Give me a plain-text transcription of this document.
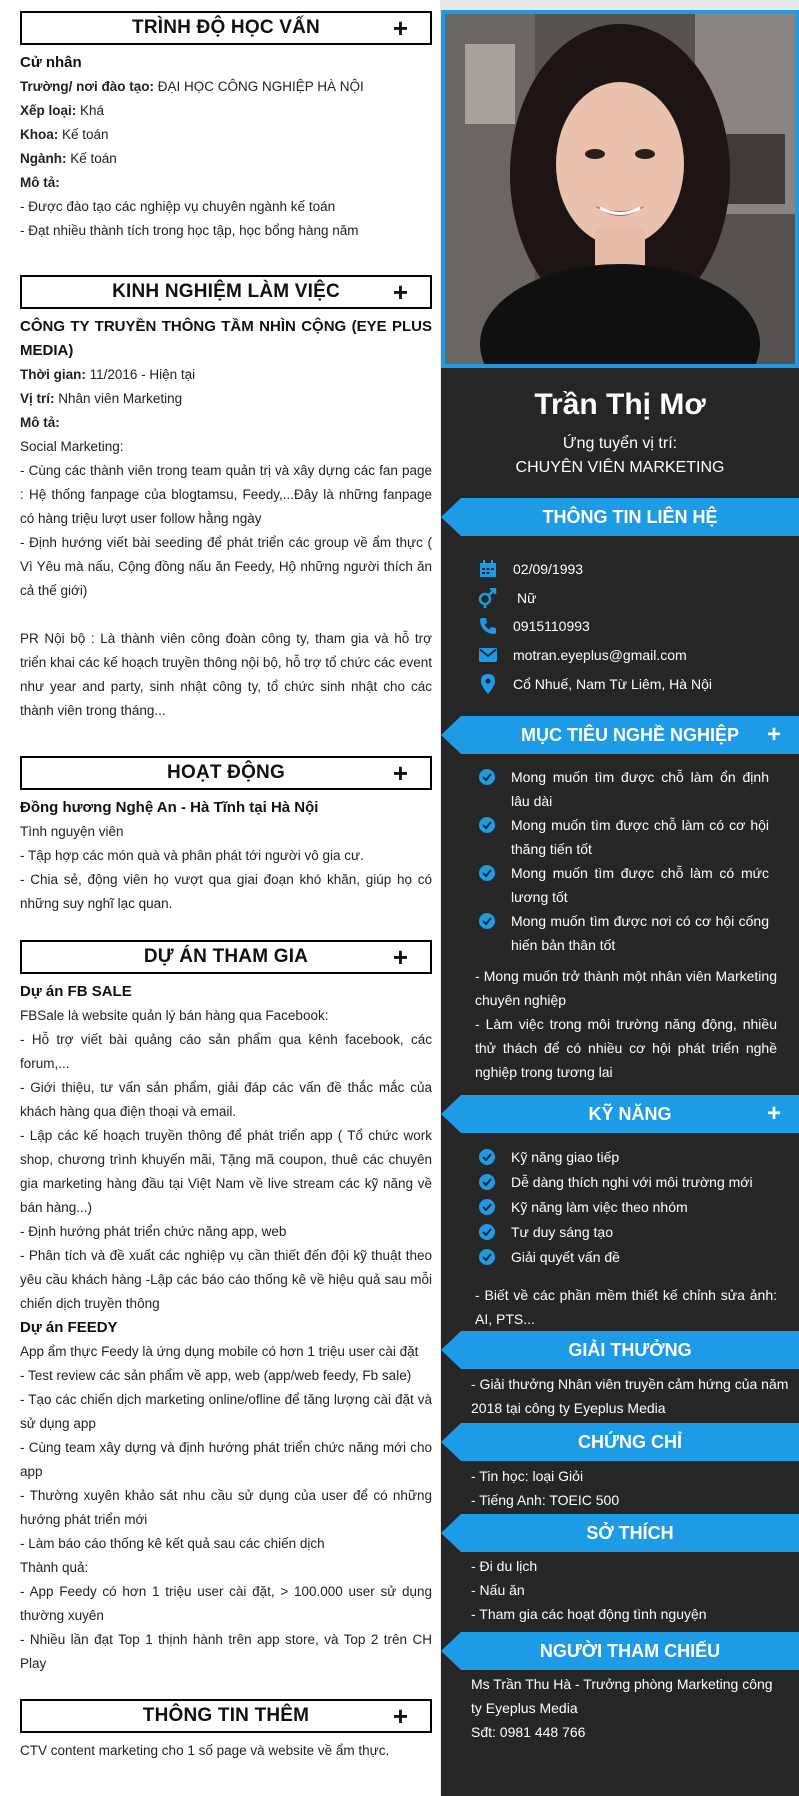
TRÌNH ĐỘ HỌC VẤN	+
Cử nhân
Trường/ nơi đào tạo: ĐẠI HỌC CÔNG NGHIỆP HÀ NỘI
Xếp loại: Khá
Khoa: Kế toán
Ngành: Kế toán
Mô tả:
- Được đào tạo các nghiệp vụ chuyên ngành kế toán
- Đạt nhiều thành tích trong học tập, học bổng hàng năm
KINH NGHIỆM LÀM VIỆC +
CÔNG TY TRUYỀN THÔNG TẦM NHÌN CỘNG (EYE PLUS MEDIA)
Thời gian: 11/2016 - Hiện tại
Vị trí: Nhân viên Marketing
Mô tả:
Social Marketing:
- Cùng các thành viên trong team quản trị và xây dựng các fan page : Hệ thống fanpage của blogtamsu, Feedy,...Đây là những fanpage có hàng triệu lượt user follow hằng ngày
- Định hướng viết bài seeding để phát triển các group về ẩm thực ( Vì Yêu mà nấu, Cộng đồng nấu ăn Feedy, Hộ những người thích ăn cả thế giới)
PR Nội bộ : Là thành viên công đoàn công ty, tham gia và hỗ trợ triển khai các kế hoạch truyền thông nội bộ, hỗ trợ tổ chức các event như year and party, sinh nhật công ty, tổ chức sinh nhật cho các thành viên trong tháng...
HOẠT ĐỘNG	+
Đồng hương Nghệ An - Hà Tĩnh tại Hà Nội
Tình nguyện viên
- Tập hợp các món quà và phân phát tới người vô gia cư.
- Chia sẻ, động viên họ vượt qua giai đoạn khó khăn, giúp họ có những suy nghĩ lạc quan.
DỰ ÁN THAM GIA	+
Dự án FB SALE
FBSale là website quản lý bán hàng qua Facebook:
- Hỗ trợ viết bài quảng cáo sản phẩm qua kênh facebook, các forum,...
- Giới thiệu, tư vấn sản phẩm, giải đáp các vấn đề thắc mắc của khách hàng qua điện thoại và email.
- Lập các kế hoạch truyền thông để phát triển app ( Tổ chức work shop, chương trình khuyến mãi, Tặng mã coupon, thuê các chuyên gia marketing hàng đầu tại Việt Nam về live stream các kỹ năng về bán hàng...)
- Định hướng phát triển chức năng app, web
- Phân tích và đề xuất các nghiệp vụ cần thiết đến đội kỹ thuật theo yêu cầu khách hàng -Lập các báo cáo thống kê về hiệu quả sau mỗi chiến dịch truyền thông
Dự án FEEDY
App ẩm thực Feedy là ứng dụng mobile có hơn 1 triệu user cài đặt
- Test review các sản phẩm về app, web (app/web feedy, Fb sale)
- Tạo các chiến dịch marketing online/ofline để tăng lượng cài đặt và sử dụng app
- Cùng team xây dựng và định hướng phát triển chức năng mới cho app
- Thường xuyên khảo sát nhu cầu sử dụng của user để có những hướng phát triển mới
- Làm báo cáo thống kê kết quả sau các chiến dịch
Thành quả:
- App Feedy có hơn 1 triệu user cài đặt, > 100.000 user sử dụng thường xuyên
- Nhiều lần đạt Top 1 thịnh hành trên app store, và Top 2 trên CH Play
THÔNG TIN THÊM	+
CTV content marketing cho 1 số page và website về ẩm thực.
Trần Thị Mơ
Ứng tuyển vị trí:
CHUYÊN VIÊN MARKETING
THÔNG TIN LIÊN HỆ
02/09/1993
Nữ
0915110993
motran.eyeplus@gmail.com
Cổ Nhuế, Nam Từ Liêm, Hà Nội
MỤC TIÊU NGHỀ NGHIỆP +
Mong muốn tìm được chỗ làm ổn định lâu dài
Mong muốn tìm được chỗ làm có cơ hội thăng tiến tốt
Mong muốn tìm được chỗ làm có mức lương tốt
Mong muốn tìm được nơi có cơ hội cống hiến bản thân tốt
- Mong muốn trở thành một nhân viên Marketing chuyên nghiệp
- Làm việc trong môi trường năng động, nhiều thử thách để có nhiều cơ hội phát triển nghề nghiệp trong tương lai
KỸ NĂNG	+
Kỹ năng giao tiếp
Dễ dàng thích nghi với môi trường mới
Kỹ năng làm việc theo nhóm
Tư duy sáng tạo
Giải quyết vấn đề
- Biết về các phần mềm thiết kế chỉnh sửa ảnh: AI, PTS...
GIẢI THƯỞNG
- Giải thưởng Nhân viên truyền cảm hứng của năm 2018 tại công ty Eyeplus Media
CHỨNG CHỈ
- Tin học: loại Giỏi
- Tiếng Anh: TOEIC 500
SỞ THÍCH
- Đi du lịch
- Nấu ăn
- Tham gia các hoạt động tình nguyện
NGƯỜI THAM CHIẾU
Ms Trần Thu Hà - Trưởng phòng Marketing công ty Eyeplus Media
Sđt: 0981 448 766
